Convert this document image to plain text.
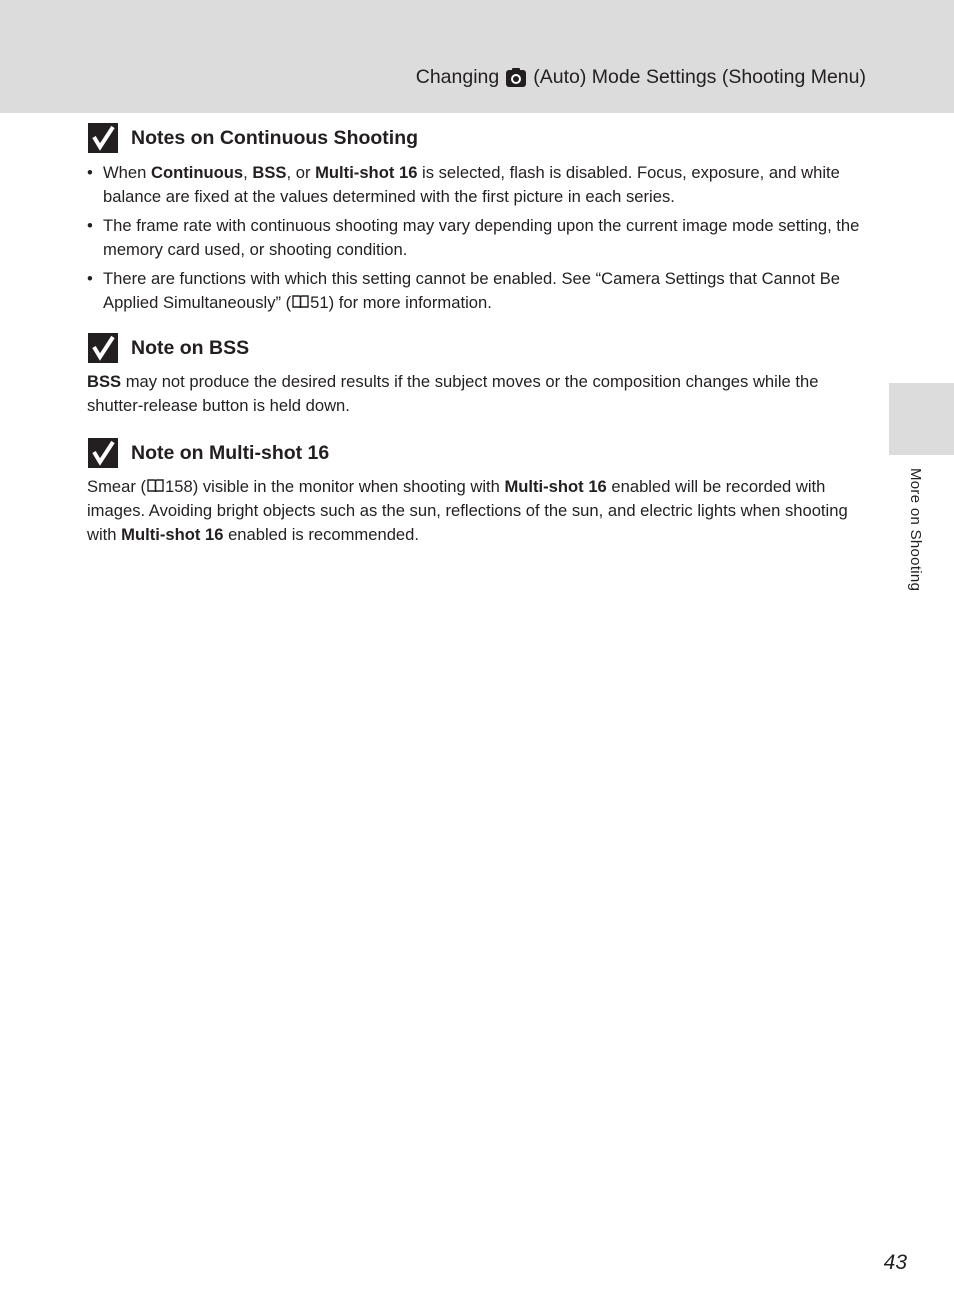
Changing (Auto) Mode Settings (Shooting Menu)
Notes on Continuous Shooting
• When Continuous, BSS, or Multi-shot 16 is selected, flash is disabled. Focus, exposure, and white balance are fixed at the values determined with the first picture in each series.
• The frame rate with continuous shooting may vary depending upon the current image mode setting, the memory card used, or shooting condition.
• There are functions with which this setting cannot be enabled. See “Camera Settings that Cannot Be Applied Simultaneously” ( 51) for more information.
Note on BSS

BSS may not produce the desired results if the subject moves or the composition changes while the shutter-release button is held down.

Note on Multi-shot 16

Smear ( 158) visible in the monitor when shooting with Multi-shot 16 enabled will be recorded with images. Avoiding bright objects such as the sun, reflections of the sun, and electric lights when shooting with Multi-shot 16 enabled is recommended.	More on Shooting
43
